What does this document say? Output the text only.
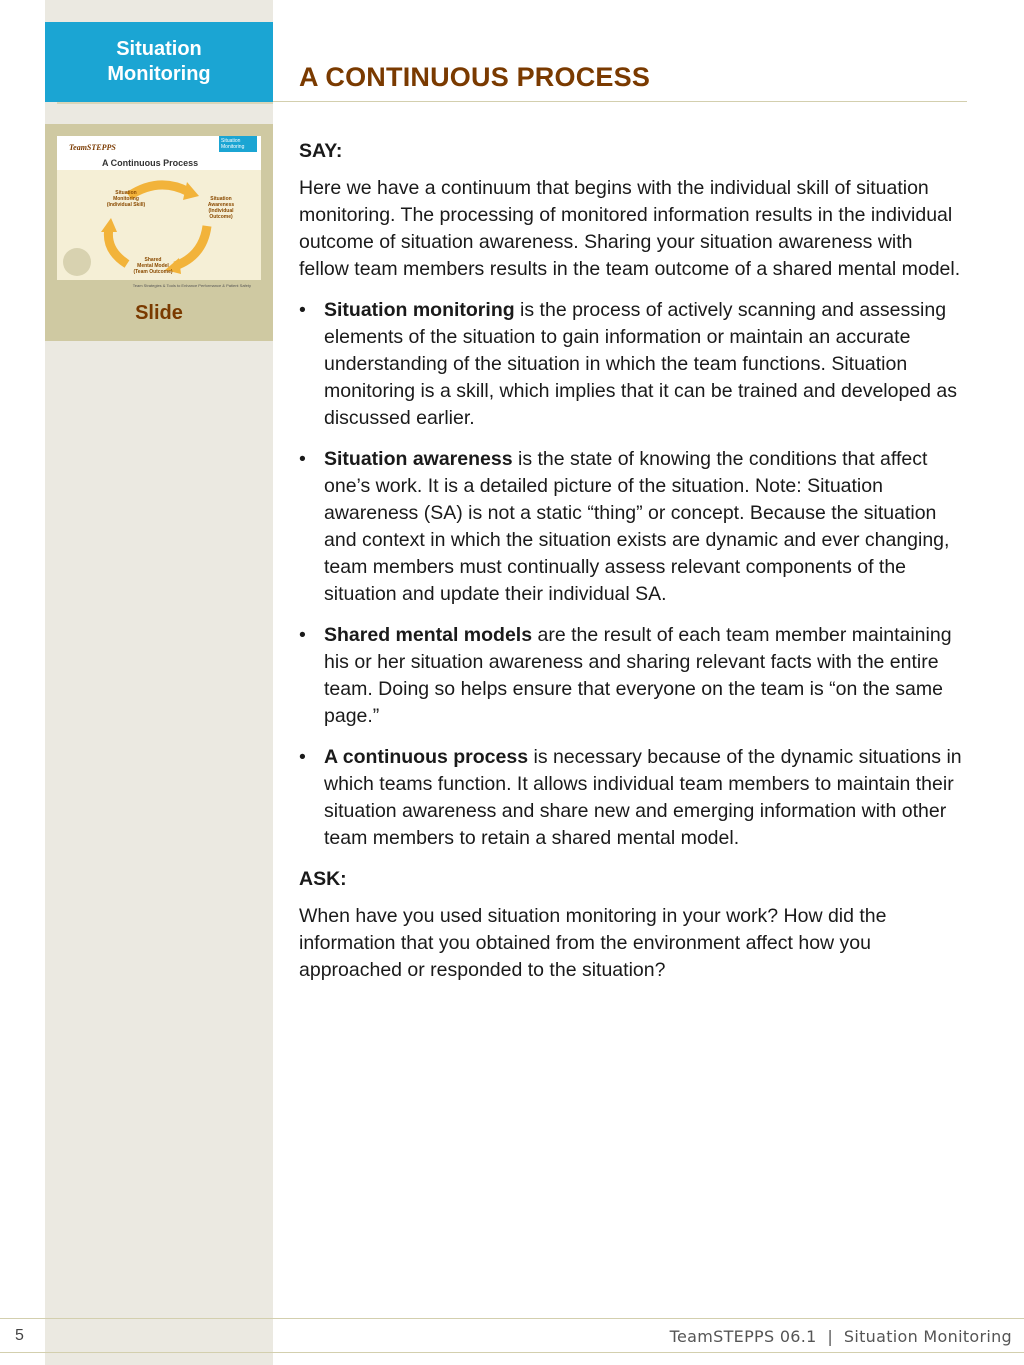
Situation
Monitoring	A CONTINUOUS PROCESS
TeamSTEPPS
Situation
Monitoring
A Continuous Process
Situation
Monitoring
(Individual Skill)
Situation
Awareness
(Individual
Outcome)
Shared
Mental Model
(Team Outcome)
Team Strategies & Tools to Enhance Performance & Patient Safety
Slide

SAY:

Here we have a continuum that begins with the individual skill of situation monitoring. The processing of monitored information results in the individual outcome of situation awareness. Sharing your situation awareness with fellow team members results in the team outcome of a shared mental model.

• Situation monitoring is the process of actively scanning and assessing elements of the situation to gain information or maintain an accurate understanding of the situation in which the team functions. Situation monitoring is a skill, which implies that it can be trained and developed as discussed earlier.
• Situation awareness is the state of knowing the conditions that affect one’s work. It is a detailed picture of the situation. Note: Situation awareness (SA) is not a static “thing” or concept. Because the situation and context in which the situation exists are dynamic and ever changing, team members must continually assess relevant components of the situation and update their individual SA.
• Shared mental models are the result of each team member maintaining his or her situation awareness and sharing relevant facts with the entire team. Doing so helps ensure that everyone on the team is “on the same page.”
• A continuous process is necessary because of the dynamic situations in which teams function. It allows individual team members to maintain their situation awareness and share new and emerging information with other team members to retain a shared mental model.

ASK:

When have you used situation monitoring in your work? How did the information that you obtained from the environment affect how you approached or responded to the situation?

5	TeamSTEPPS 06.1  |  Situation Monitoring
